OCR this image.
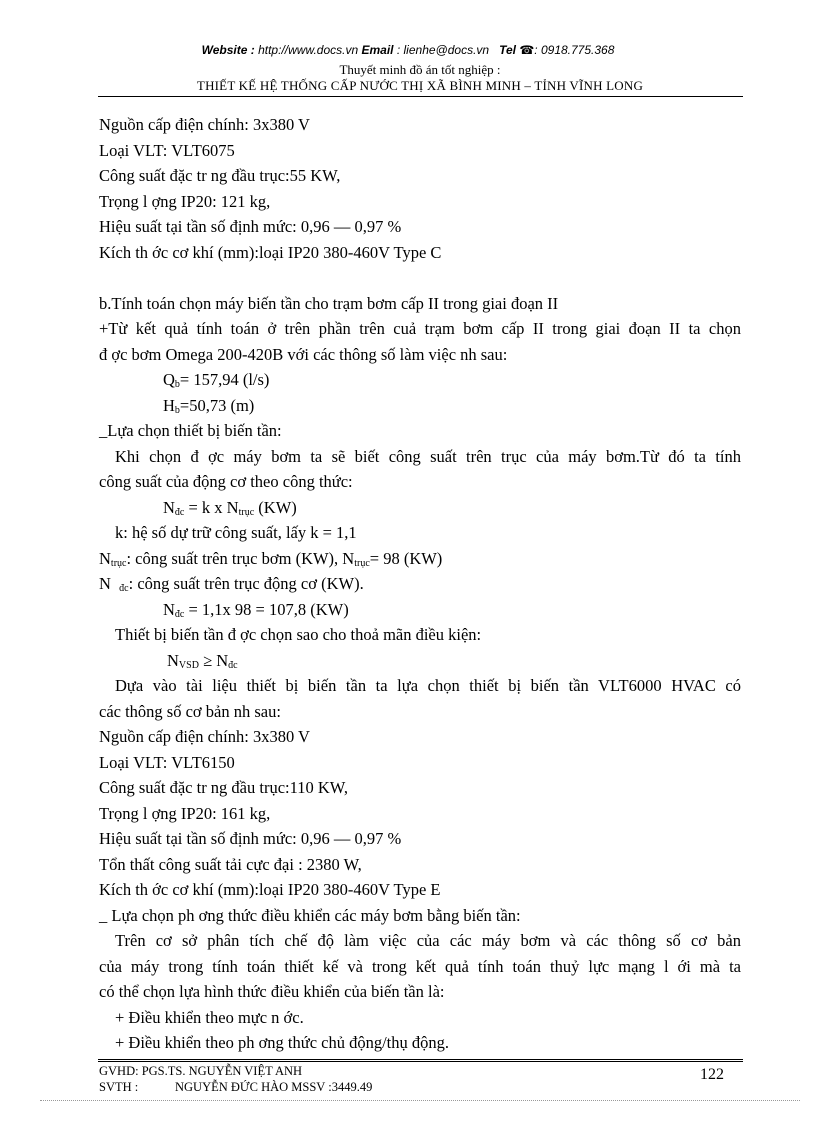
Website : http://www.docs.vn Email : lienhe@docs.vn Tel ☎: 0918.775.368
Thuyết minh đồ án tốt nghiệp :
THIẾT KẾ HỆ THỐNG CẤP NƯỚC THỊ XÃ BÌNH MINH – TỈNH VĨNH LONG
Nguồn cấp điện chính: 3x380 V
Loại VLT: VLT6075
Công suất đặc tr ng đầu trục:55 KW,
Trọng l ợng IP20: 121 kg,
Hiệu suất tại tần số định mức: 0,96 — 0,97 %
Kích th ớc cơ khí (mm):loại IP20 380-460V Type C
b.Tính toán chọn máy biến tần cho trạm bơm cấp II trong giai đoạn II
+Từ kết quả tính toán ở trên phần trên cuả trạm bơm cấp II trong giai đoạn II ta chọn
đ ợc bơm Omega 200-420B với các thông số làm việc nh sau:
$Q_b= 157,94$ (l/s)
$H_b=50,73$ (m)
_Lựa chọn thiết bị biến tần:
Khi chọn đ ợc máy bơm ta sẽ biết công suất trên trục của máy bơm.Từ đó ta tính
công suất của động cơ theo công thức:
$N_{đc} = k$ x $N_{trục}$ (KW)
k: hệ số dự trữ công suất, lấy k = 1,1
$N_{trục}$: công suất trên trục bơm (KW), $N_{trục}= 98$ (KW)
N $_{đc}$: công suất trên trục động cơ (KW).
$N_{đc} = 1,1x$ 98 = 107,8 (KW)
Thiết bị biến tần đ ợc chọn sao cho thoả mãn điều kiện:
$N_{VSD} \ge N_{đc}$
Dựa vào tài liệu thiết bị biến tần ta lựa chọn thiết bị biến tần VLT6000 HVAC có
các thông số cơ bản nh sau:
Nguồn cấp điện chính: 3x380 V
Loại VLT: VLT6150
Công suất đặc tr ng đầu trục:110 KW,
Trọng l ợng IP20: 161 kg,
Hiệu suất tại tần số định mức: 0,96 — 0,97 %
Tổn thất công suất tải cực đại : 2380 W,
Kích th ớc cơ khí (mm):loại IP20 380-460V Type E
_ Lựa chọn ph ơng thức điều khiển các máy bơm bằng biến tần:
Trên cơ sở phân tích chế độ làm việc của các máy bơm và các thông số cơ bản
của máy trong tính toán thiết kế và trong kết quả tính toán thuỷ lực mạng l ới mà ta
có thể chọn lựa hình thức điều khiển của biến tần là:
+ Điều khiển theo mực n ớc.
+ Điều khiển theo ph ơng thức chủ động/thụ động.
GVHD: PGS.TS. NGUYỄN VIỆT ANH
SVTH :	NGUYỄN ĐỨC HÀO MSSV :3449.49
122
